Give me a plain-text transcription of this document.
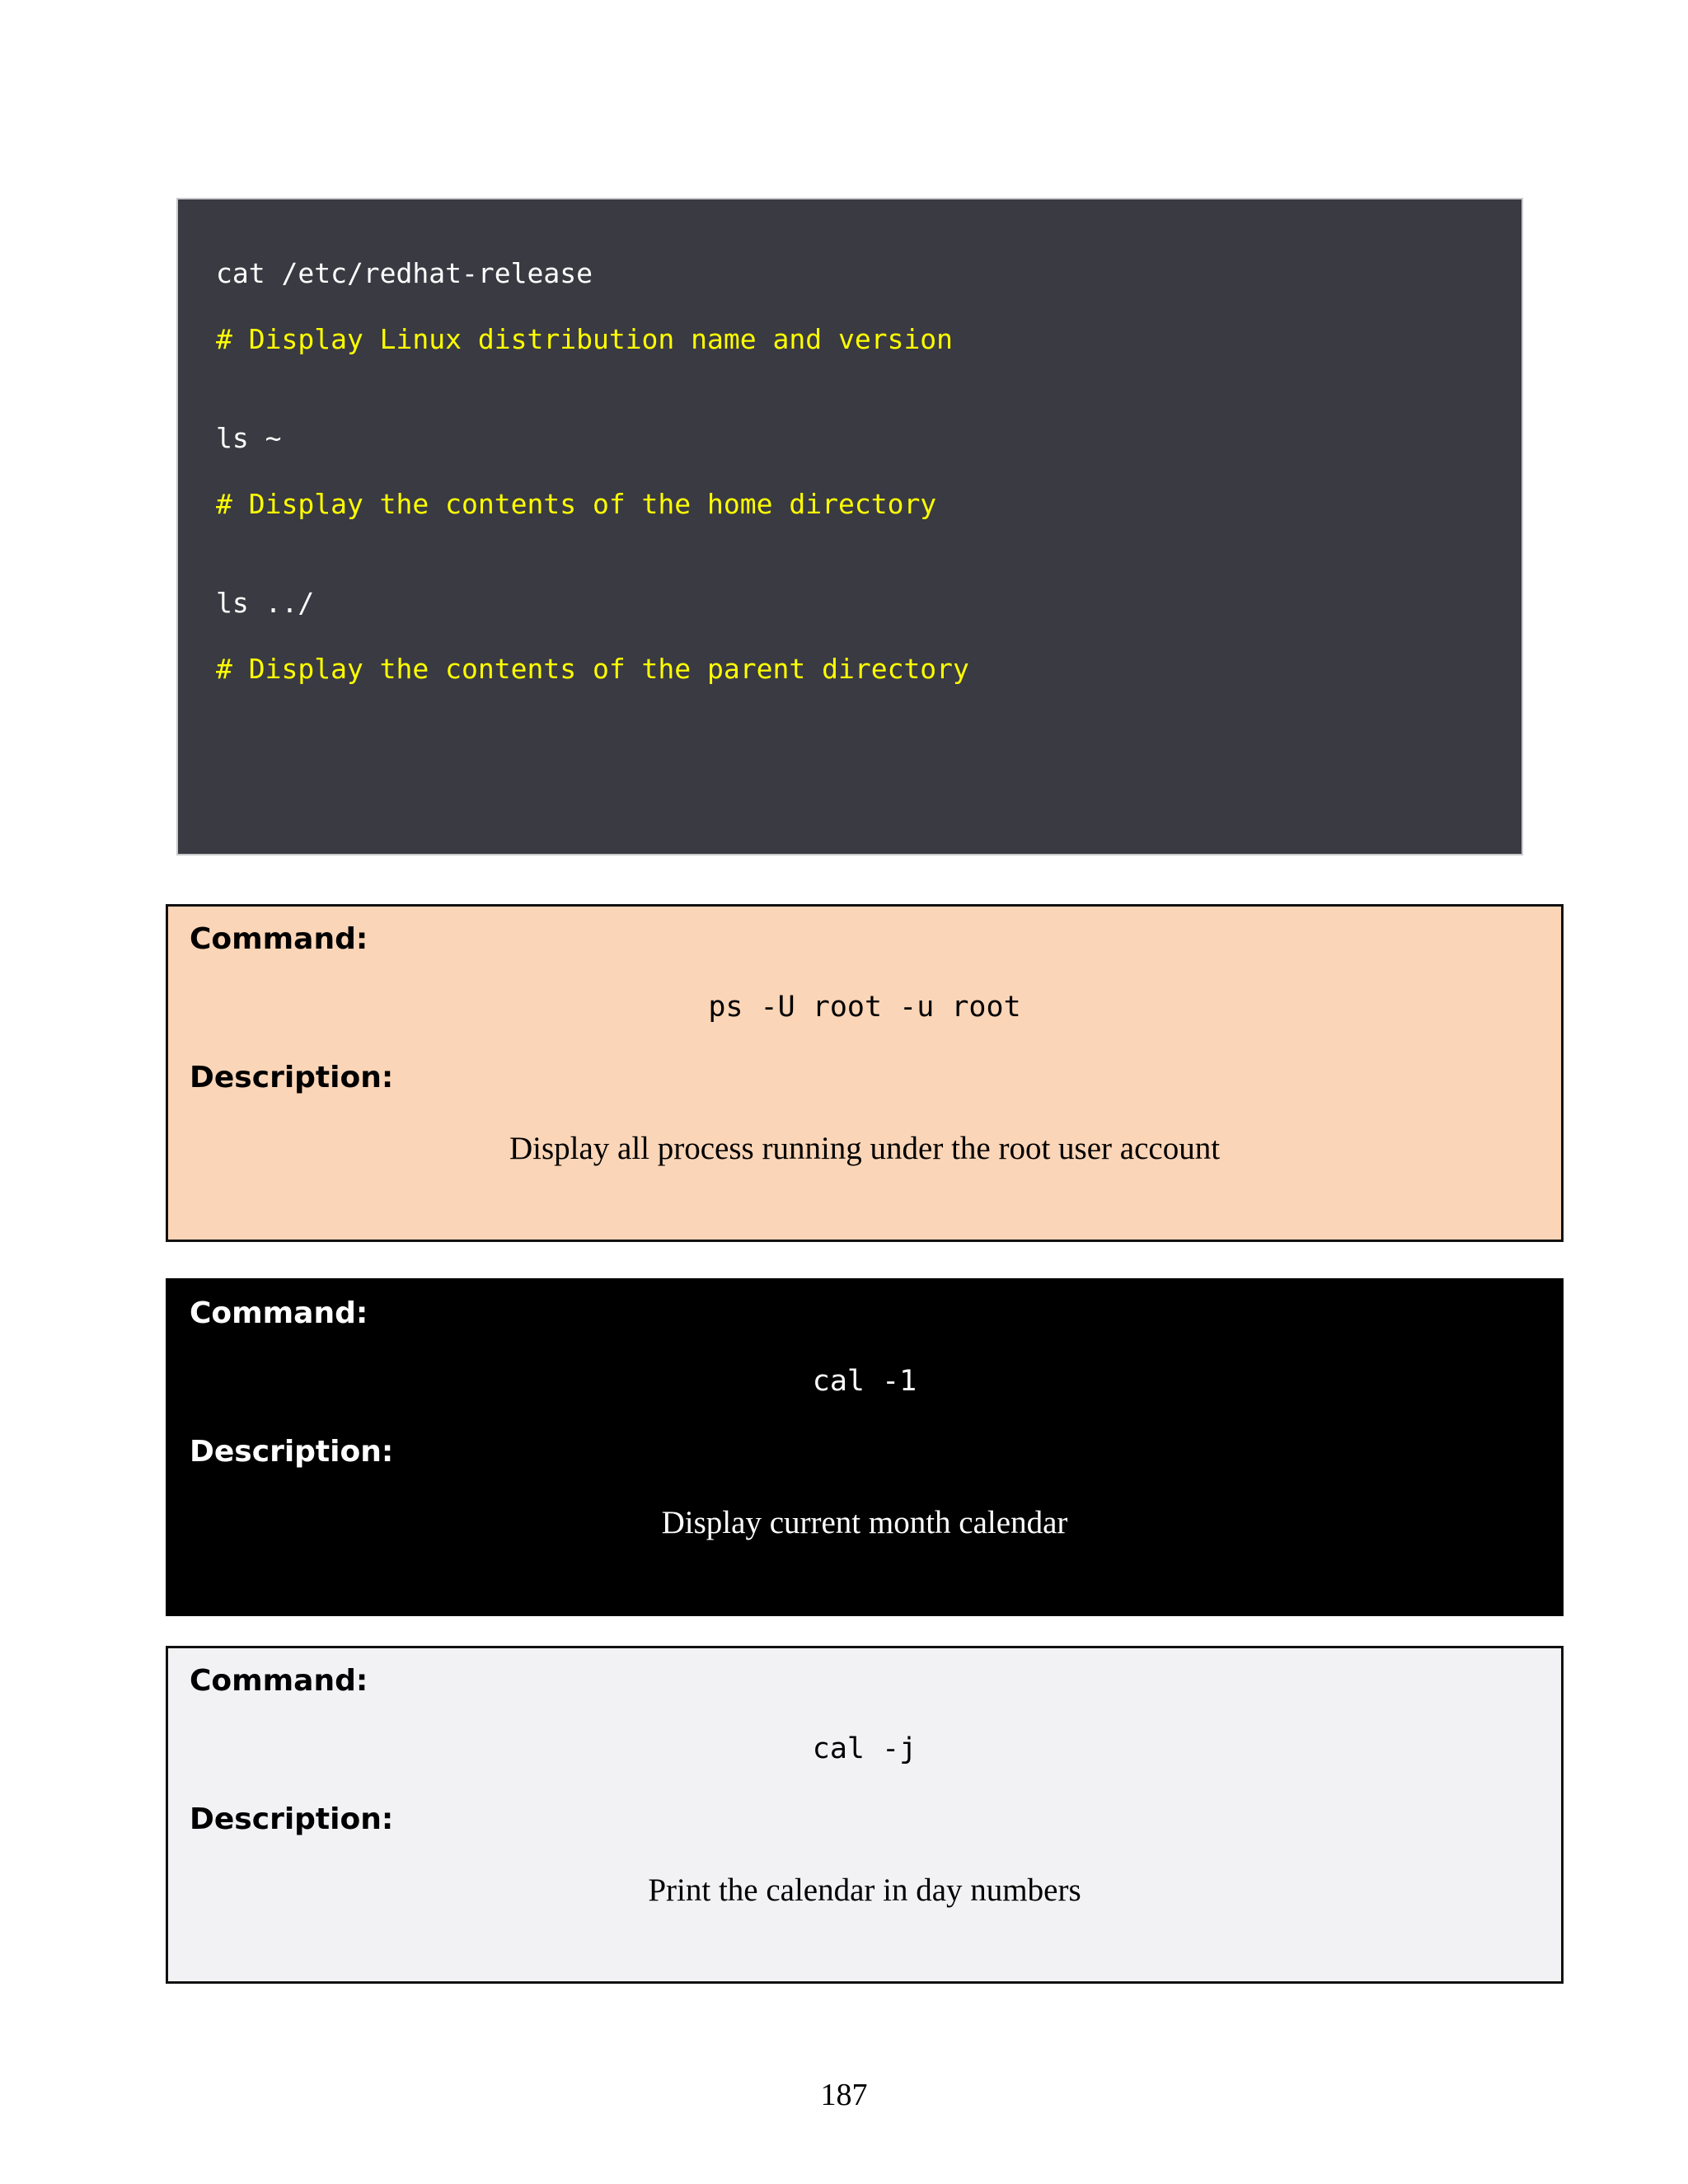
cat /etc/redhat-release
# Display Linux distribution name and version
ls ~
# Display the contents of the home directory
ls ../
# Display the contents of the parent directory
Command:
ps -U root -u root
Description:
Display all process running under the root user account
Command:
cal -1
Description:
Display current month calendar
Command:
cal -j
Description:
Print the calendar in day numbers
187
